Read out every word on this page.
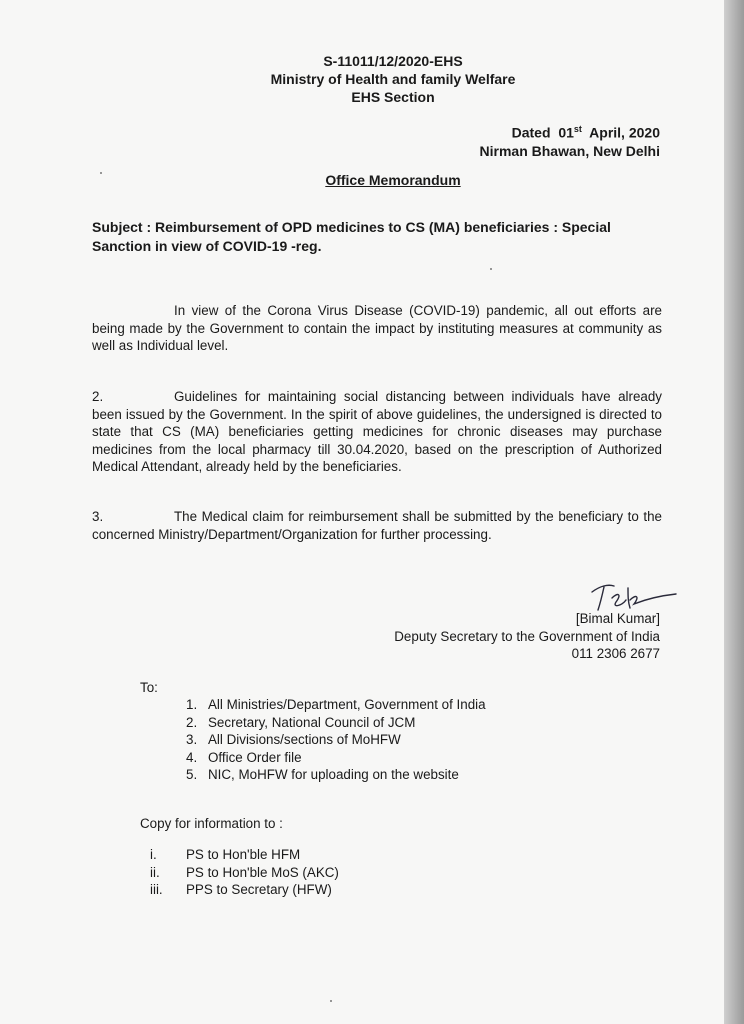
S-11011/12/2020-EHS
Ministry of Health and family Welfare
EHS Section
Dated 01st April, 2020
Nirman Bhawan, New Delhi
Office Memorandum
Subject : Reimbursement of OPD medicines to CS (MA) beneficiaries : Special Sanction in view of COVID-19 -reg.
In view of the Corona Virus Disease (COVID-19) pandemic, all out efforts are being made by the Government to contain the impact by instituting measures at community as well as Individual level.
2.	Guidelines for maintaining social distancing between individuals have already been issued by the Government. In the spirit of above guidelines, the undersigned is directed to state that CS (MA) beneficiaries getting medicines for chronic diseases may purchase medicines from the local pharmacy till 30.04.2020, based on the prescription of Authorized Medical Attendant, already held by the beneficiaries.
3.	The Medical claim for reimbursement shall be submitted by the beneficiary to the concerned Ministry/Department/Organization for further processing.
[Bimal Kumar]
Deputy Secretary to the Government of India
011 2306 2677
To:
1. All Ministries/Department, Government of India
2. Secretary, National Council of JCM
3. All Divisions/sections of MoHFW
4. Office Order file
5. NIC, MoHFW for uploading on the website
Copy for information to :
i. PS to Hon'ble HFM
ii. PS to Hon'ble MoS (AKC)
iii. PPS to Secretary (HFW)
